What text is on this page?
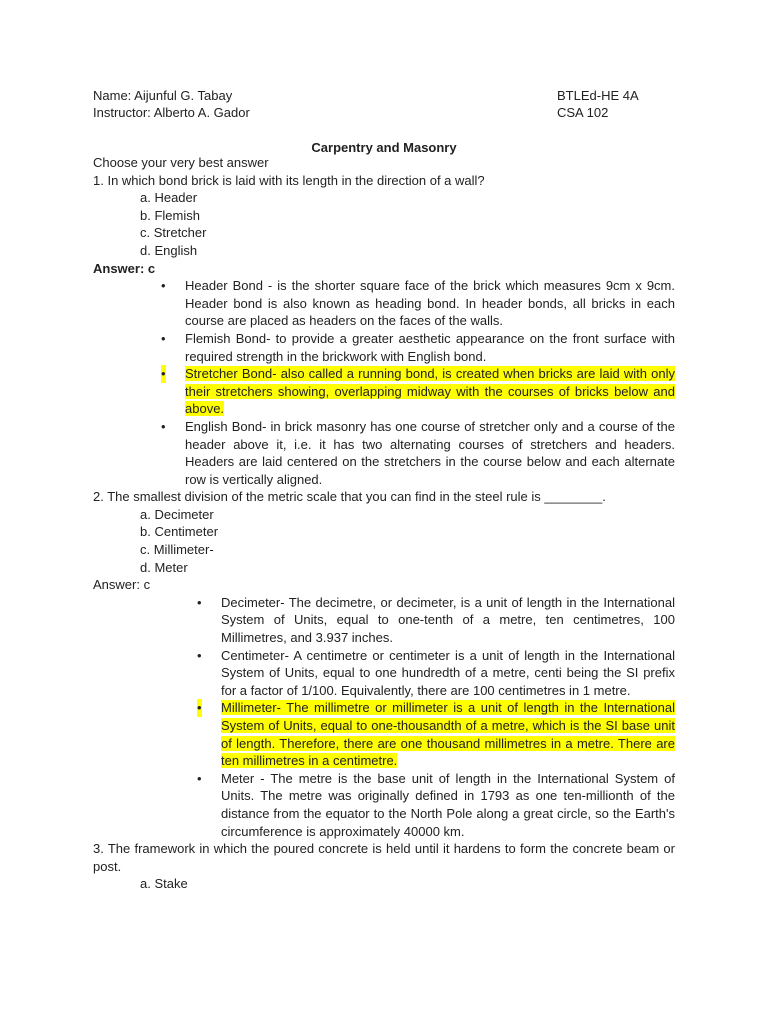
Name: Aijunful G. Tabay
Instructor: Alberto A. Gador
BTLEd-HE 4A
CSA 102
Carpentry and Masonry
Choose your very best answer
1. In which bond brick is laid with its length in the direction of a wall?
a. Header
b. Flemish
c. Stretcher
d. English
Answer: c
• Header Bond - is the shorter square face of the brick which measures 9cm x 9cm. Header bond is also known as heading bond. In header bonds, all bricks in each course are placed as headers on the faces of the walls.
• Flemish Bond- to provide a greater aesthetic appearance on the front surface with required strength in the brickwork with English bond.
• Stretcher Bond- also called a running bond, is created when bricks are laid with only their stretchers showing, overlapping midway with the courses of bricks below and above.
• English Bond- in brick masonry has one course of stretcher only and a course of the header above it, i.e. it has two alternating courses of stretchers and headers. Headers are laid centered on the stretchers in the course below and each alternate row is vertically aligned.
2. The smallest division of the metric scale that you can find in the steel rule is ________.
a. Decimeter
b. Centimeter
c. Millimeter-
d. Meter
Answer: c
• Decimeter- The decimetre, or decimeter, is a unit of length in the International System of Units, equal to one-tenth of a metre, ten centimetres, 100 Millimetres, and 3.937 inches.
• Centimeter- A centimetre or centimeter is a unit of length in the International System of Units, equal to one hundredth of a metre, centi being the SI prefix for a factor of 1/100. Equivalently, there are 100 centimetres in 1 metre.
• Millimeter- The millimetre or millimeter is a unit of length in the International System of Units, equal to one-thousandth of a metre, which is the SI base unit of length. Therefore, there are one thousand millimetres in a metre. There are ten millimetres in a centimetre.
• Meter - The metre is the base unit of length in the International System of Units. The metre was originally defined in 1793 as one ten-millionth of the distance from the equator to the North Pole along a great circle, so the Earth's circumference is approximately 40000 km.
3. The framework in which the poured concrete is held until it hardens to form the concrete beam or post.
a. Stake
